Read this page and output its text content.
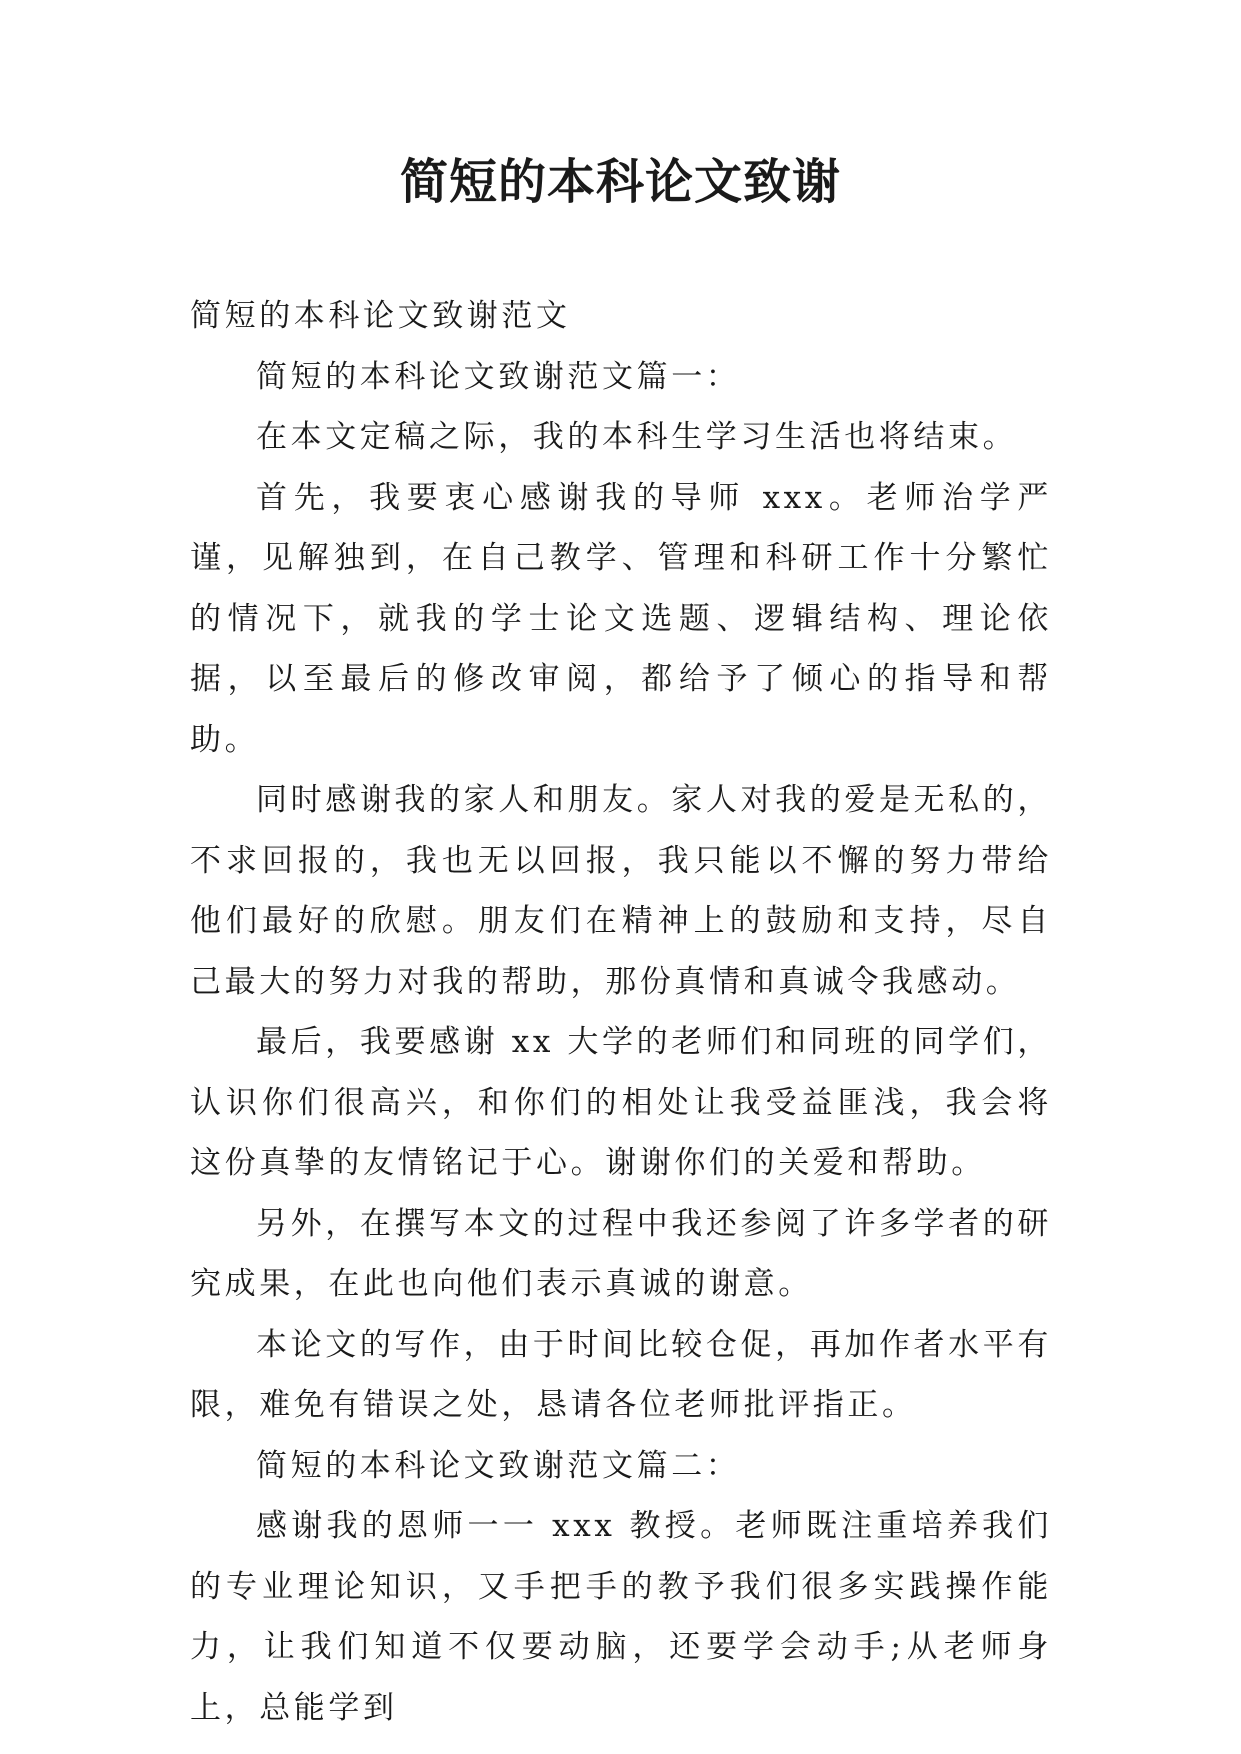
简短的本科论文致谢

简短的本科论文致谢范文

简短的本科论文致谢范文篇一：

在本文定稿之际，我的本科生学习生活也将结束。

首先，我要衷心感谢我的导师 xxx。老师治学严谨，见解独到，在自己教学、管理和科研工作十分繁忙的情况下，就我的学士论文选题、逻辑结构、理论依据，以至最后的修改审阅，都给予了倾心的指导和帮助。

同时感谢我的家人和朋友。家人对我的爱是无私的，不求回报的，我也无以回报，我只能以不懈的努力带给他们最好的欣慰。朋友们在精神上的鼓励和支持，尽自己最大的努力对我的帮助，那份真情和真诚令我感动。

最后，我要感谢 xx 大学的老师们和同班的同学们，认识你们很高兴，和你们的相处让我受益匪浅，我会将这份真挚的友情铭记于心。谢谢你们的关爱和帮助。

另外，在撰写本文的过程中我还参阅了许多学者的研究成果，在此也向他们表示真诚的谢意。

本论文的写作，由于时间比较仓促，再加作者水平有限，难免有错误之处，恳请各位老师批评指正。

简短的本科论文致谢范文篇二：

感谢我的恩师一一 xxx 教授。老师既注重培养我们的专业理论知识，又手把手的教予我们很多实践操作能力，让我们知道不仅要动脑，还要学会动手;从老师身上，总能学到
